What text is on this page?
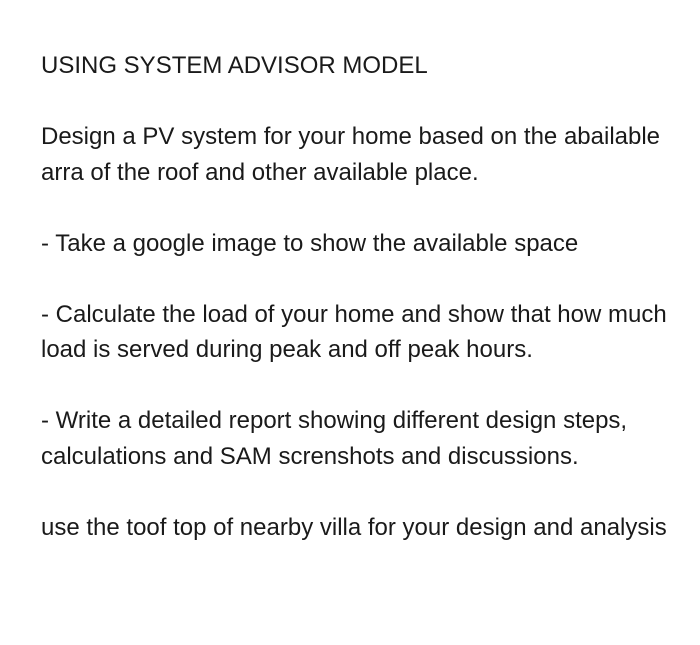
USING SYSTEM ADVISOR MODEL

Design a PV system for your home based on the abailable arra of the roof and other available place.

- Take a google image to show the available space

- Calculate the load of your home and show that how much load is served during peak and off peak hours.

- Write a detailed report showing different design steps, calculations and SAM screnshots and discussions.

use the toof top of nearby villa for your design and analysis
